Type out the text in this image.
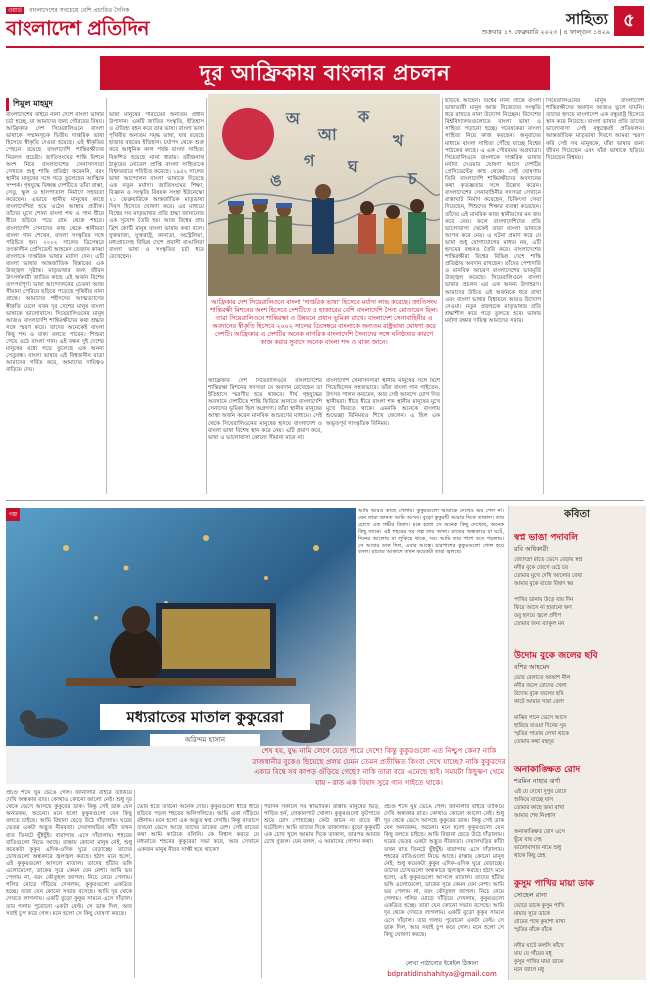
ওয়ার্ড বাংলাদেশের সবচেয়ে বেশি প্রচারিত দৈনিক
বাংলাদেশ প্রতিদিন	সাহিত্য ৫
শুক্রবার ১৭ ফেব্রুয়ারি ২০২৩ | ৪ ফাল্গুন ১৪২৯
দূর আফ্রিকায় বাংলার প্রচলন
শিমুল মাহমুদ
বাংলাদেশের বাইরে নানা দেশে বাংলা ভাষার চর্চা হচ্ছে, যা আমাদের জন্য গৌরবের বিষয়। আফ্রিকার দেশ সিয়েরালিওনে বাংলা ভাষাকে সম্মানসূচক দ্বিতীয় দাপ্তরিক ভাষা হিসেবে স্বীকৃতি দেওয়া হয়েছে। এই স্বীকৃতির পেছনে রয়েছে বাংলাদেশি শান্তিরক্ষীদের নিরলস প্রচেষ্টা। জাতিসংঘের শান্তি মিশনে অংশ নিয়ে বাংলাদেশের সেনাসদস্যরা সেখানে শুধু শান্তি প্রতিষ্ঠা করেননি, বরং স্থানীয় মানুষের সঙ্গে গড়ে তুলেছেন আত্মিক সম্পর্ক। গৃহযুদ্ধে বিধ্বস্ত দেশটিতে তাঁরা রাস্তা, সেতু, স্কুল ও হাসপাতাল নির্মাণে সহায়তা করেছেন। এভাবে স্থানীয় মানুষের কাছে বাংলাদেশিরা হয়ে ওঠেন আস্থার প্রতীক। তাঁদের মুখে শোনা বাংলা শব্দ ও গান ধীরে ধীরে ছড়িয়ে পড়ে গ্রাম থেকে শহরে। বাংলাদেশি সেনাদের কাছ থেকে স্থানীয়রা বাংলা গান শেখেন, বাংলা সংস্কৃতির সঙ্গে পরিচিত হন। ২০০২ সালের ডিসেম্বরে তৎকালীন প্রেসিডেন্ট আহমেদ তেজান কাব্বা বাংলাকে দাপ্তরিক ভাষার মর্যাদা দেন। এটি বাংলা ভাষার আন্তর্জাতিক বিস্তারের এক উজ্জ্বল দৃষ্টান্ত। মাতৃভাষার জন্য জীবন উৎসর্গকারী জাতির কাছে এই অর্জন বিশেষ তাৎপর্যপূর্ণ। ভাষা আন্দোলনের চেতনা আজ সীমানা পেরিয়ে ছড়িয়ে পড়েছে পৃথিবীর নানা প্রান্তে। আমাদের শহীদদের আত্মত্যাগের স্বীকৃতি মেলে যখন দূর দেশের মানুষ বাংলা ভাষাকে ভালোবাসে। সিয়েরালিওনের মানুষ আজও বাংলাদেশি শান্তিরক্ষীদের কথা শ্রদ্ধার সঙ্গে স্মরণ করে। তাদের অনেকেই বাংলা কিছু শব্দ ও বাক্য বলতে পারেন। শিশুরা গেয়ে ওঠে বাংলা গান। এই বন্ধন দুই দেশের মানুষের মধ্যে গড়ে তুলেছে এক অনন্য সেতুবন্ধ। বাংলা ভাষার এই বিশ্বজনীন যাত্রা আমাদের গর্বিত করে, আমাদের দায়িত্বও বাড়িয়ে দেয়।
ভাষা মানুষের পরিচয়ের অন্যতম প্রধান উপাদান। একটি জাতির সংস্কৃতি, ইতিহাস ও ঐতিহ্য বহন করে তার ভাষা। বাংলা ভাষা পৃথিবীর অন্যতম সমৃদ্ধ ভাষা, যার রয়েছে হাজার বছরের ইতিহাস। চর্যাপদ থেকে শুরু করে আধুনিক কাল পর্যন্ত বাংলা সাহিত্য বিকশিত হয়েছে নানা ধারায়। রবীন্দ্রনাথ ঠাকুরের নোবেল প্রাপ্তি বাংলা সাহিত্যকে বিশ্বদরবারে পরিচিত করেছে। ১৯৫২ সালের ভাষা আন্দোলন বাংলা ভাষাকে দিয়েছে এক নতুন মর্যাদা। জাতিসংঘের শিক্ষা, বিজ্ঞান ও সংস্কৃতি বিষয়ক সংস্থা ইউনেস্কো ২১ ফেব্রুয়ারিকে আন্তর্জাতিক মাতৃভাষা দিবস হিসেবে ঘোষণা করে। এর মাধ্যমে বিশ্বের সব মাতৃভাষার প্রতি শ্রদ্ধা জানানোর এক সুযোগ তৈরি হয়। আজ বিশ্বের প্রায় ত্রিশ কোটি মানুষ বাংলা ভাষায় কথা বলে। যুক্তরাজ্য, যুক্তরাষ্ট্র, কানাডা, অস্ট্রেলিয়া, মধ্যপ্রাচ্যসহ বিভিন্ন দেশে প্রবাসী বাঙালিরা বাংলা ভাষা ও সংস্কৃতির চর্চা ধরে রেখেছেন।
অ
আ
ক
খ
গ ঘ
ঙ	চ
আফ্রিকার দেশ সিয়েরালিওনে বাংলা 'দাপ্তরিক ভাষা' হিসেবে মর্যাদা লাভ করেছে। জাতিসংঘ শান্তিরক্ষী মিশনের অংশ হিসেবে দেশটিতে ৫ হাজারের বেশি বাংলাদেশি সৈন্য মোতায়েন ছিল। তারা সিয়েরালিওনে শান্তিরক্ষা ও উন্নয়নে প্রধান ভূমিকা রাখে। বাংলাদেশ সেনাবাহিনীর এ অবদানের স্বীকৃতি হিসেবে ২০০২ সালের ডিসেম্বরে বাংলাকে অন্যতম রাষ্ট্রভাষা ঘোষণা করে দেশটি। আফ্রিকার এ দেশটির অনেক নাগরিক বাংলাদেশি সৈন্যদের সঙ্গে ঘনিষ্ঠতার কারণে কাজ করার সুবাদে অনেক বাংলা শব্দ ও বাক্য জানে।
আফ্রিকার দেশ সিয়েরালিওনে বাংলাদেশের শান্তিরক্ষা মিশনের সদস্যরা যে অবদান রেখেছেন তা ইতিহাসে স্মরণীয় হয়ে থাকবে। দীর্ঘ গৃহযুদ্ধের অবসানে দেশটিতে শান্তি ফিরিয়ে আনতে বাংলাদেশি সেনাদের ভূমিকা ছিল অগ্রগণ্য। তাঁরা স্থানীয় মানুষের আস্থা অর্জন করেন মানবিক আচরণের মাধ্যমে। সেই থেকে সিয়েরালিওনের মানুষের হৃদয়ে বাংলাদেশ ও বাংলা ভাষা বিশেষ স্থান করে নেয়। এটি প্রমাণ করে, ভাষা ও ভালোবাসা কোনো সীমানা মানে না।
বাংলাদেশি সেনাসদস্যরা স্থানীয় মানুষের সঙ্গে মিশে গিয়েছিলেন সহজভাবে। তাঁরা বাংলা গান গাইতেন, উৎসব পালন করতেন, আর সেই আনন্দে যোগ দিত স্থানীয়রা। ধীরে ধীরে বাংলা শব্দ স্থানীয় মানুষের মুখে মুখে ফিরতে থাকে। এমনকি অনেকে বাংলায় শুভেচ্ছা বিনিময়ও শিখে ফেলেন। এ ছিল এক অভূতপূর্ব সাংস্কৃতিক বিনিময়।
ছড়িয়ে আছেন। বিশ্বের নানা প্রান্তে বাংলা ভাষাভাষী মানুষ আজ নিজেদের সংস্কৃতি ধরে রাখতে নানা উদ্যোগ নিচ্ছেন। বিদেশের বিশ্ববিদ্যালয়গুলোতে বাংলা ভাষা ও সাহিত্য পড়ানো হচ্ছে। গবেষকেরা বাংলা সাহিত্য নিয়ে কাজ করছেন। অনুবাদের মাধ্যমে বাংলা সাহিত্য পৌঁছে যাচ্ছে বিশ্বের পাঠকের কাছে। এ এক গৌরবময় অগ্রযাত্রা। সিয়েরালিওনে বাংলাকে দাপ্তরিক ভাষার মর্যাদা দেওয়ার ঘোষণা আসে দেশটির প্রেসিডেন্টের কাছ থেকে। সেই ঘোষণায় তিনি বাংলাদেশি শান্তিরক্ষীদের অবদানের কথা কৃতজ্ঞতার সঙ্গে উল্লেখ করেন। বাংলাদেশের সেনাবাহিনীর সদস্যরা সেখানে রাস্তাঘাট নির্মাণ করেছেন, চিকিৎসা সেবা দিয়েছেন, শিশুদের শিক্ষার ব্যবস্থা করেছেন। তাঁদের এই মানবিক কাজ স্থানীয়দের মন জয় করে নেয়। ফলে বাংলাদেশিদের প্রতি ভালোবাসা থেকেই তারা বাংলা ভাষাকে আপন করে নেয়। এ ঘটনা প্রমাণ করে যে ভাষা শুধু যোগাযোগের মাধ্যম নয়, এটি হৃদয়ের বন্ধনও তৈরি করে। বাংলাদেশের শান্তিরক্ষীরা বিশ্বের বিভিন্ন দেশে শান্তি প্রতিষ্ঠায় অবদান রাখছেন। তাঁদের পেশাদারি ও মানবিক আচরণ বাংলাদেশের ভাবমূর্তি উজ্জ্বল করেছে। সিয়েরালিওনে বাংলা ভাষার প্রচলন এর এক অনন্য উদাহরণ। আমাদের উচিত এই অর্জনকে ধরে রাখা এবং বাংলা ভাষার বিশ্বায়নে আরও উদ্যোগ নেওয়া। নতুন প্রজন্মকে মাতৃভাষার প্রতি শ্রদ্ধাশীল করে গড়ে তুলতে হবে। ভাষার মর্যাদা রক্ষার দায়িত্ব আমাদের সবার।
সিয়েরালিওনের মানুষ বাংলাদেশি শান্তিরক্ষীদের অবদান আজও ভুলে যায়নি। তাদের হৃদয়ে বাংলাদেশ এক বন্ধুরাষ্ট্র হিসেবে স্থান করে নিয়েছে। বাংলা ভাষার প্রতি তাদের ভালোবাসা সেই বন্ধুত্বেরই প্রতিফলন। আন্তর্জাতিক মাতৃভাষা দিবসে আমরা স্মরণ করি সেই সব মানুষকে, যাঁরা ভাষার জন্য জীবন দিয়েছেন এবং যাঁরা ভাষাকে ছড়িয়ে দিয়েছেন বিশ্বময়।
গল্প
মধ্যরাতের মাতাল কুকুরেরা
অরিন্দম হাসান
আমি আরও কাছে গেলাম। কুকুরগুলো আমাকে দেখেও ভয় পেল না। যেন তারা জানত আমি আসব। বুড়ো কুকুরটি আমার দিকে তাকাল। তার চোখে এক গভীর বিষাদ। মনে হলো সে অনেক কিছু দেখেছে, অনেক কিছু জানে। এই শহরের সব গল্প তার জানা। রাতের অন্ধকারে যা ঘটে, দিনের আলোয় যা লুকিয়ে থাকে, সব। আমি তার পাশে বসে পড়লাম। সে আবার ডাক দিল, এবার আস্তে। চারপাশের কুকুরগুলো গোল হয়ে বসল। রাতের আকাশে তখন কয়েকটা তারা জ্বলছে।
শেষ হয়, যুদ্ধ নামি লেগে যেতে পারে দেশে! কিন্তু কুকুরগুলো এত নিশ্চুপ কেন? নাকি রাজধানীর বুকেও ছিয়েছে প্রলয় যেমন তেমন প্রতীক্ষিত কিংবা দেখে যাচ্ছে? নাকি কুকুরদের একার বিশ্বে সব কাপড় গুঁড়িয়ে গেছে? নাকি তারা বয়ে এনেছে ছাই। সময়টা কিছুক্ষণ থেমে যায় - রাত এক বিষাদ সুরে গান গাইতে থাকে।
প্রচণ্ড শব্দে ঘুম ভেঙে গেল। জানালার বাইরে তাকিয়ে দেখি অন্ধকার রাত। কোথাও কোনো আলো নেই। শুধু দূর থেকে ভেসে আসছে কুকুরের ডাক। কিন্তু সেই ডাক যেন অন্যরকম, অচেনা। মনে হলো কুকুরগুলো যেন কিছু বলতে চাইছে। আমি বিছানা ছেড়ে উঠে দাঁড়ালাম। ঘরের ভেতর একটা অদ্ভুত নীরবতা। দেয়ালঘড়ির কাঁটা তখন রাত তিনটে ছুঁইছুঁই। বারান্দায় এসে দাঁড়ালাম। শহরের বাতিগুলো নিভে আছে। রাস্তায় কোনো মানুষ নেই, শুধু কয়েকটা কুকুর এদিক-ওদিক ঘুরে বেড়াচ্ছে। তাদের চোখগুলো অন্ধকারে জ্বলজ্বল করছে। হঠাৎ মনে হলো, এই কুকুরগুলো আসলে মাতাল। তাদের হাঁটার ভঙ্গি এলোমেলো, ডাকের সুরে কেমন যেন নেশা। আমি ভয় পেলাম না, বরং কৌতূহল জাগল। নিচে নেমে গেলাম। গলির মোড়ে দাঁড়িয়ে দেখলাম, কুকুরগুলো একত্রিত হচ্ছে। তারা যেন কোনো সভায় বসেছে। আমি দূর থেকে দেখতে লাগলাম। একটি বুড়ো কুকুর সামনে এসে দাঁড়াল। তার গলায় পুরোনো একটা বেল্ট। সে ডাক দিল, আর সবাই চুপ করে গেল। মনে হলো সে কিছু ঘোষণা করছে।
ভোর হতে তখনো অনেক দেরি। কুকুরগুলো ধীরে ধীরে ছড়িয়ে পড়ল শহরের অলিগলিতে। আমি একা দাঁড়িয়ে রইলাম। মনে হলো এক অদ্ভুত স্বপ্ন দেখছি। কিন্তু বাতাসে তখনো ভেসে আছে তাদের ডাকের রেশ। সেই রাতের কথা আমি কাউকে বলিনি। কে বিশ্বাস করবে যে মধ্যরাতে শহরের কুকুরেরা সভা করে, আর সেখানে একজন মানুষ নীরব সাক্ষী হয়ে থাকে?
পরদিন সকালে সব স্বাভাবিক। রাস্তায় মানুষের ভিড়, গাড়ির হর্ন, দোকানপাট খোলা। কুকুরগুলো ফুটপাতে শুয়ে রোদ পোহাচ্ছে। কেউ জানে না রাতে কী ঘটেছিল। আমি তাদের দিকে তাকালাম। বুড়ো কুকুরটি এক চোখ খুলে আমার দিকে তাকাল, তারপর আবার চোখ বুজল। যেন বলল, এ আমাদের গোপন কথা।
প্রচণ্ড শব্দে ঘুম ভেঙে গেল। জানালার বাইরে তাকিয়ে দেখি অন্ধকার রাত। কোথাও কোনো আলো নেই। শুধু দূর থেকে ভেসে আসছে কুকুরের ডাক। কিন্তু সেই ডাক যেন অন্যরকম, অচেনা। মনে হলো কুকুরগুলো যেন কিছু বলতে চাইছে। আমি বিছানা ছেড়ে উঠে দাঁড়ালাম। ঘরের ভেতর একটা অদ্ভুত নীরবতা। দেয়ালঘড়ির কাঁটা তখন রাত তিনটে ছুঁইছুঁই। বারান্দায় এসে দাঁড়ালাম। শহরের বাতিগুলো নিভে আছে। রাস্তায় কোনো মানুষ নেই, শুধু কয়েকটা কুকুর এদিক-ওদিক ঘুরে বেড়াচ্ছে। তাদের চোখগুলো অন্ধকারে জ্বলজ্বল করছে। হঠাৎ মনে হলো, এই কুকুরগুলো আসলে মাতাল। তাদের হাঁটার ভঙ্গি এলোমেলো, ডাকের সুরে কেমন যেন নেশা। আমি ভয় পেলাম না, বরং কৌতূহল জাগল। নিচে নেমে গেলাম। গলির মোড়ে দাঁড়িয়ে দেখলাম, কুকুরগুলো একত্রিত হচ্ছে। তারা যেন কোনো সভায় বসেছে। আমি দূর থেকে দেখতে লাগলাম। একটি বুড়ো কুকুর সামনে এসে দাঁড়াল। তার গলায় পুরোনো একটা বেল্ট। সে ডাক দিল, আর সবাই চুপ করে গেল। মনে হলো সে কিছু ঘোষণা করছে।
কবিতা
স্বপ্ন ভাঙা পদাবলি
রবি অধিকারী
জ্যোৎস্না রাতে ভেসে বেড়ায় স্বপ্ন
নদীর বুকে জেগে ওঠে চর
তোমার মুখে দেখি আলোর রেখা
আমার বুকে বাজে বিষাদ স্বর

পাখির ডানায় উড়ে যায় দিন
ফিরে আসে না হারানো ক্ষণ
তবু হৃদয়ে জ্বলে প্রদীপ
তোমার জন্য ব্যাকুল মন
উদোম বুকে জলের ছবি
বশির আহমেদ
ভোর বেলাতে আকাশ নীল
নদীর জলে রোদের খেলা
উদোম বুকে জলের ছবি
কাটে আমার সারা বেলা

মাঝির গানে ভেসে আসে
হারিয়ে যাওয়া দিনের সুর
স্মৃতির পাতায় লেখা থাকে
তোমার কথা বহুদূর
অনাকাঙ্ক্ষিত রোদ
শরমিন নাহার ঝর্ণা
এই যে দেখো দুপুর রোদে
শুকিয়ে যাচ্ছে ঘাস
তোমার কাছে জমা রাখা
আমার শেষ নিঃশ্বাস

অনাকাঙ্ক্ষিত রোদ এসে
ছুঁয়ে যায় দেহ
ভালোবাসার নামে শুধু
থাকে কিছু স্নেহ
কুসুম পাখির মায়া ডাক
সোহেল রানা
ভোরে ডাকে কুসুম পাখি
মায়ার সুরে ডাকে
গ্রামের পথে কুয়াশা মাখা
স্মৃতির বাঁকে বাঁকে

নদীর ঘাটে কলসি কাঁখে
যায় যে গাঁয়ের বধূ
কুসুম পাখির মায়া ডাকে
মনে জাগে মধু
লেখা পাঠানোর ইমেইল ঠিকানা
bdpratidinshahitya@gmail.com
